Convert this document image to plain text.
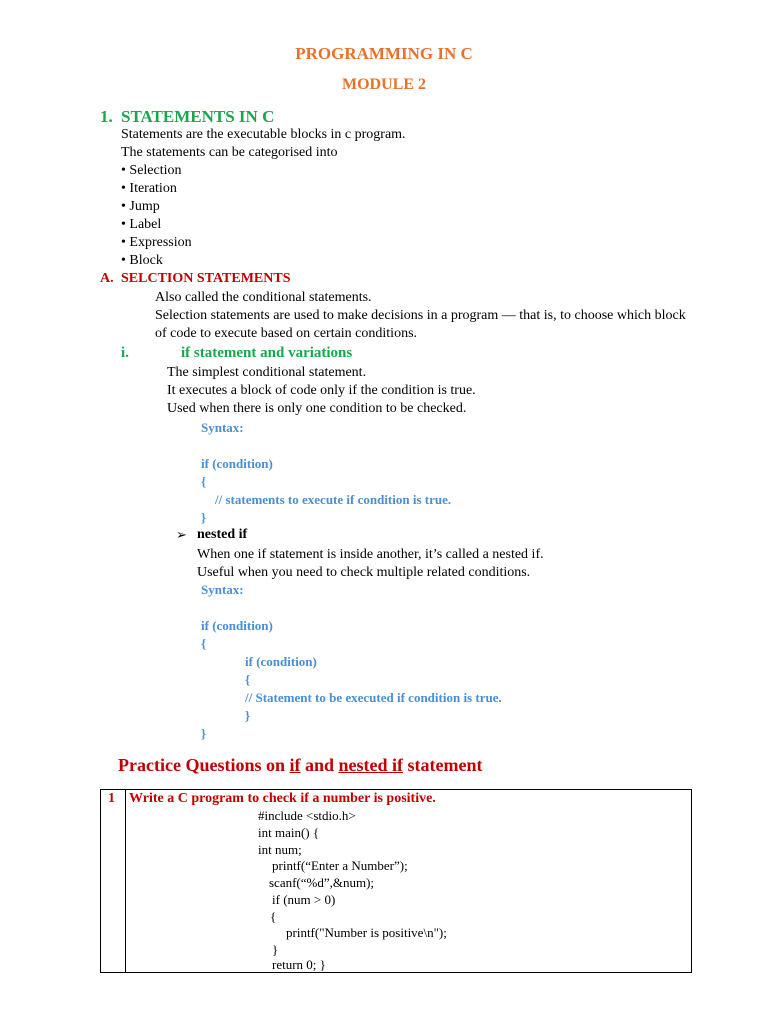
PROGRAMMING IN C
MODULE 2
1. STATEMENTS IN C
Statements are the executable blocks in c program.
The statements can be categorised into
• Selection
• Iteration
• Jump
• Label
• Expression
• Block
A. SELCTION STATEMENTS
Also called the conditional statements.
Selection statements are used to make decisions in a program — that is, to choose which block
of code to execute based on certain conditions.
i.	if statement and variations
The simplest conditional statement.
It executes a block of code only if the condition is true.
Used when there is only one condition to be checked.
Syntax:
if (condition)
{
// statements to execute if condition is true.
}
➢ nested if
When one if statement is inside another, it’s called a nested if.
Useful when you need to check multiple related conditions.
Syntax:
if (condition)
{
if (condition)
{
// Statement to be executed if condition is true.
}
}
Practice Questions on if and nested if statement
1 Write a C program to check if a number is positive.
#include <stdio.h>
int main() {
int num;
printf(“Enter a Number”);
scanf(“%d”,&num);
if (num > 0)
{
printf("Number is positive\n");
}
return 0; }
